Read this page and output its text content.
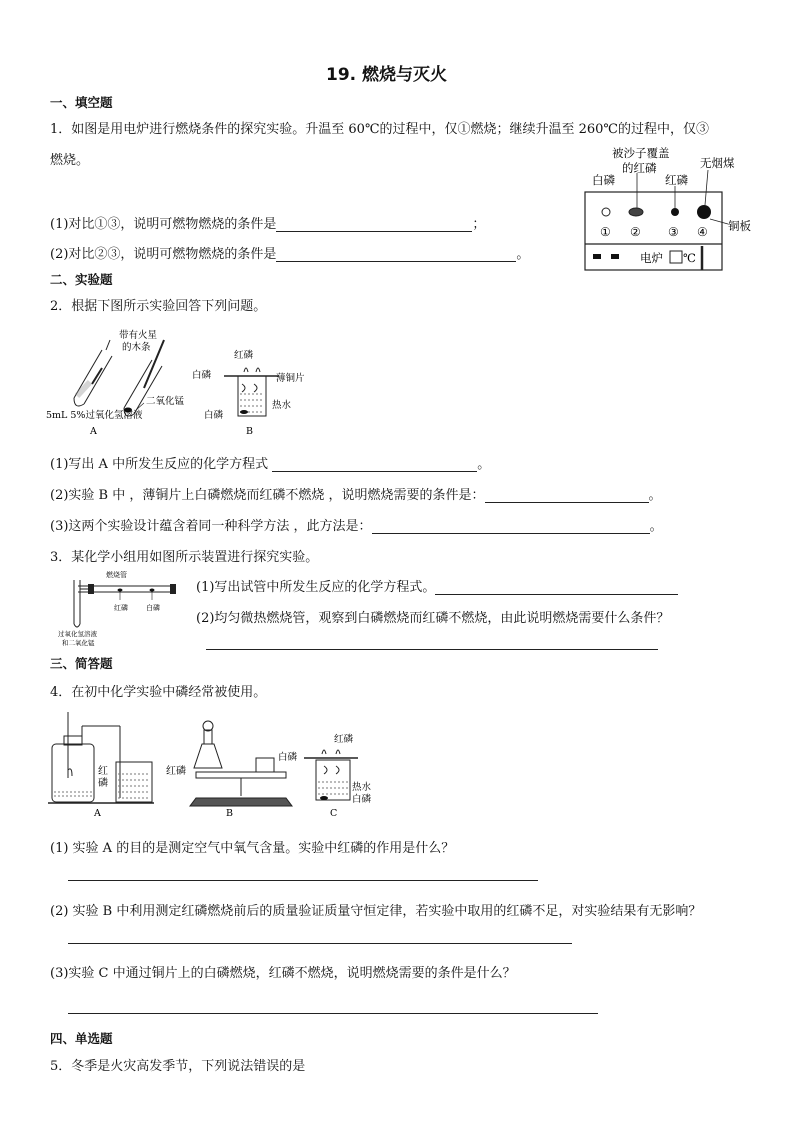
19. 燃烧与灭火
一、填空题
1．如图是用电炉进行燃烧条件的探究实验。升温至 60℃的过程中，仅①燃烧；继续升温至 260℃的过程中，仅③
燃烧。
(1)对比①③，说明可燃物燃烧的条件是	；
(2)对比②③，说明可燃物燃烧的条件是	。
被沙子覆盖
的红磷	无烟煤
白磷	红磷
铜板
① ② ③ ④
电炉 ℃
二、实验题
2．根据下图所示实验回答下列问题。
带有火星
的木条
二氧化锰
5mL 5%过氧化氢溶液
A
红磷
白磷	薄铜片
热水
白磷
B
(1)写出 A 中所发生反应的化学方程式	。
(2)实验 B 中 ，薄铜片上白磷燃烧而红磷不燃烧 ，说明燃烧需要的条件是：	。
(3)这两个实验设计蕴含着同一种科学方法 ，此方法是：	。
3．某化学小组用如图所示装置进行探究实验。
燃烧管
红磷	白磷
过氧化氢溶液
和二氧化锰
(1)写出试管中所发生反应的化学方程式。
(2)均匀微热燃烧管，观察到白磷燃烧而红磷不燃烧，由此说明燃烧需要什么条件？
三、简答题
4．在初中化学实验中磷经常被使用。
红
磷
A
红磷
B
红磷
白磷
热水
白磷
C
(1) 实验 A 的目的是测定空气中氧气含量。实验中红磷的作用是什么？
(2) 实验 B 中利用测定红磷燃烧前后的质量验证质量守恒定律，若实验中取用的红磷不足，对实验结果有无影响？
(3)实验 C 中通过铜片上的白磷燃烧，红磷不燃烧，说明燃烧需要的条件是什么？
四、单选题
5．冬季是火灾高发季节，下列说法错误的是
